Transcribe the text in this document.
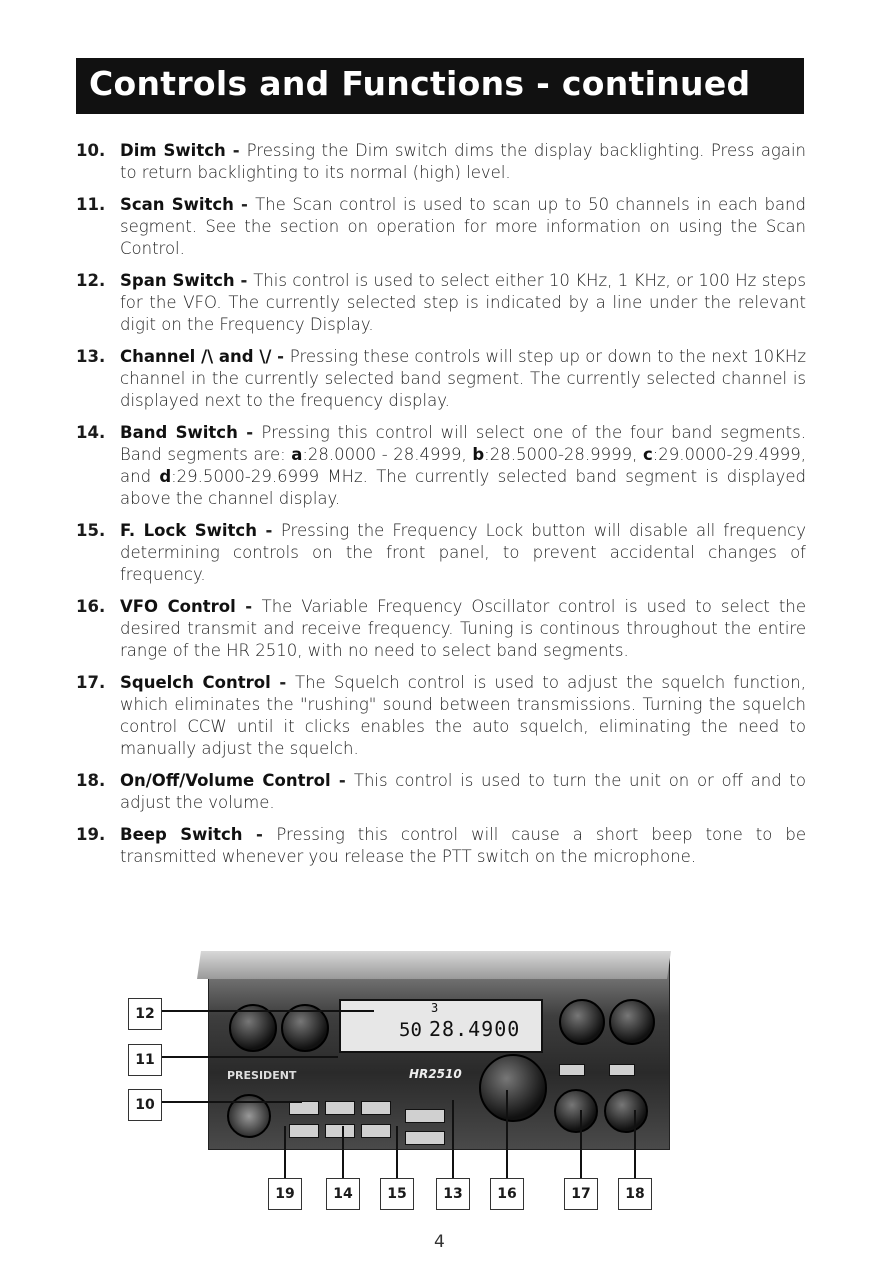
Controls and Functions - continued
10. Dim Switch - Pressing the Dim switch dims the display backlighting. Press again to return backlighting to its normal (high) level.
11. Scan Switch - The Scan control is used to scan up to 50 channels in each band segment. See the section on operation for more information on using the Scan Control.
12. Span Switch - This control is used to select either 10 KHz, 1 KHz, or 100 Hz steps for the VFO. The currently selected step is indicated by a line under the relevant digit on the Frequency Display.
13. Channel /\ and \/ - Pressing these controls will step up or down to the next 10KHz channel in the currently selected band segment. The currently selected channel is displayed next to the frequency display.
14. Band Switch - Pressing this control will select one of the four band segments. Band segments are: a:28.0000 - 28.4999, b:28.5000-28.9999, c:29.0000-29.4999, and d:29.5000-29.6999 MHz. The currently selected band segment is displayed above the channel display.
15. F. Lock Switch - Pressing the Frequency Lock button will disable all frequency determining controls on the front panel, to prevent accidental changes of frequency.
16. VFO Control - The Variable Frequency Oscillator control is used to select the desired transmit and receive frequency. Tuning is continous throughout the entire range of the HR 2510, with no need to select band segments.
17. Squelch Control - The Squelch control is used to adjust the squelch function, which eliminates the "rushing" sound between transmissions. Turning the squelch control CCW until it clicks enables the auto squelch, eliminating the need to manually adjust the squelch.
18. On/Off/Volume Control - This control is used to turn the unit on or off and to adjust the volume.
19. Beep Switch - Pressing this control will cause a short beep tone to be transmitted whenever you release the PTT switch on the microphone.
3
50 28.4900
PRESIDENT	HR2510
12
11
10
19	14	15	13	16	17	18
4
